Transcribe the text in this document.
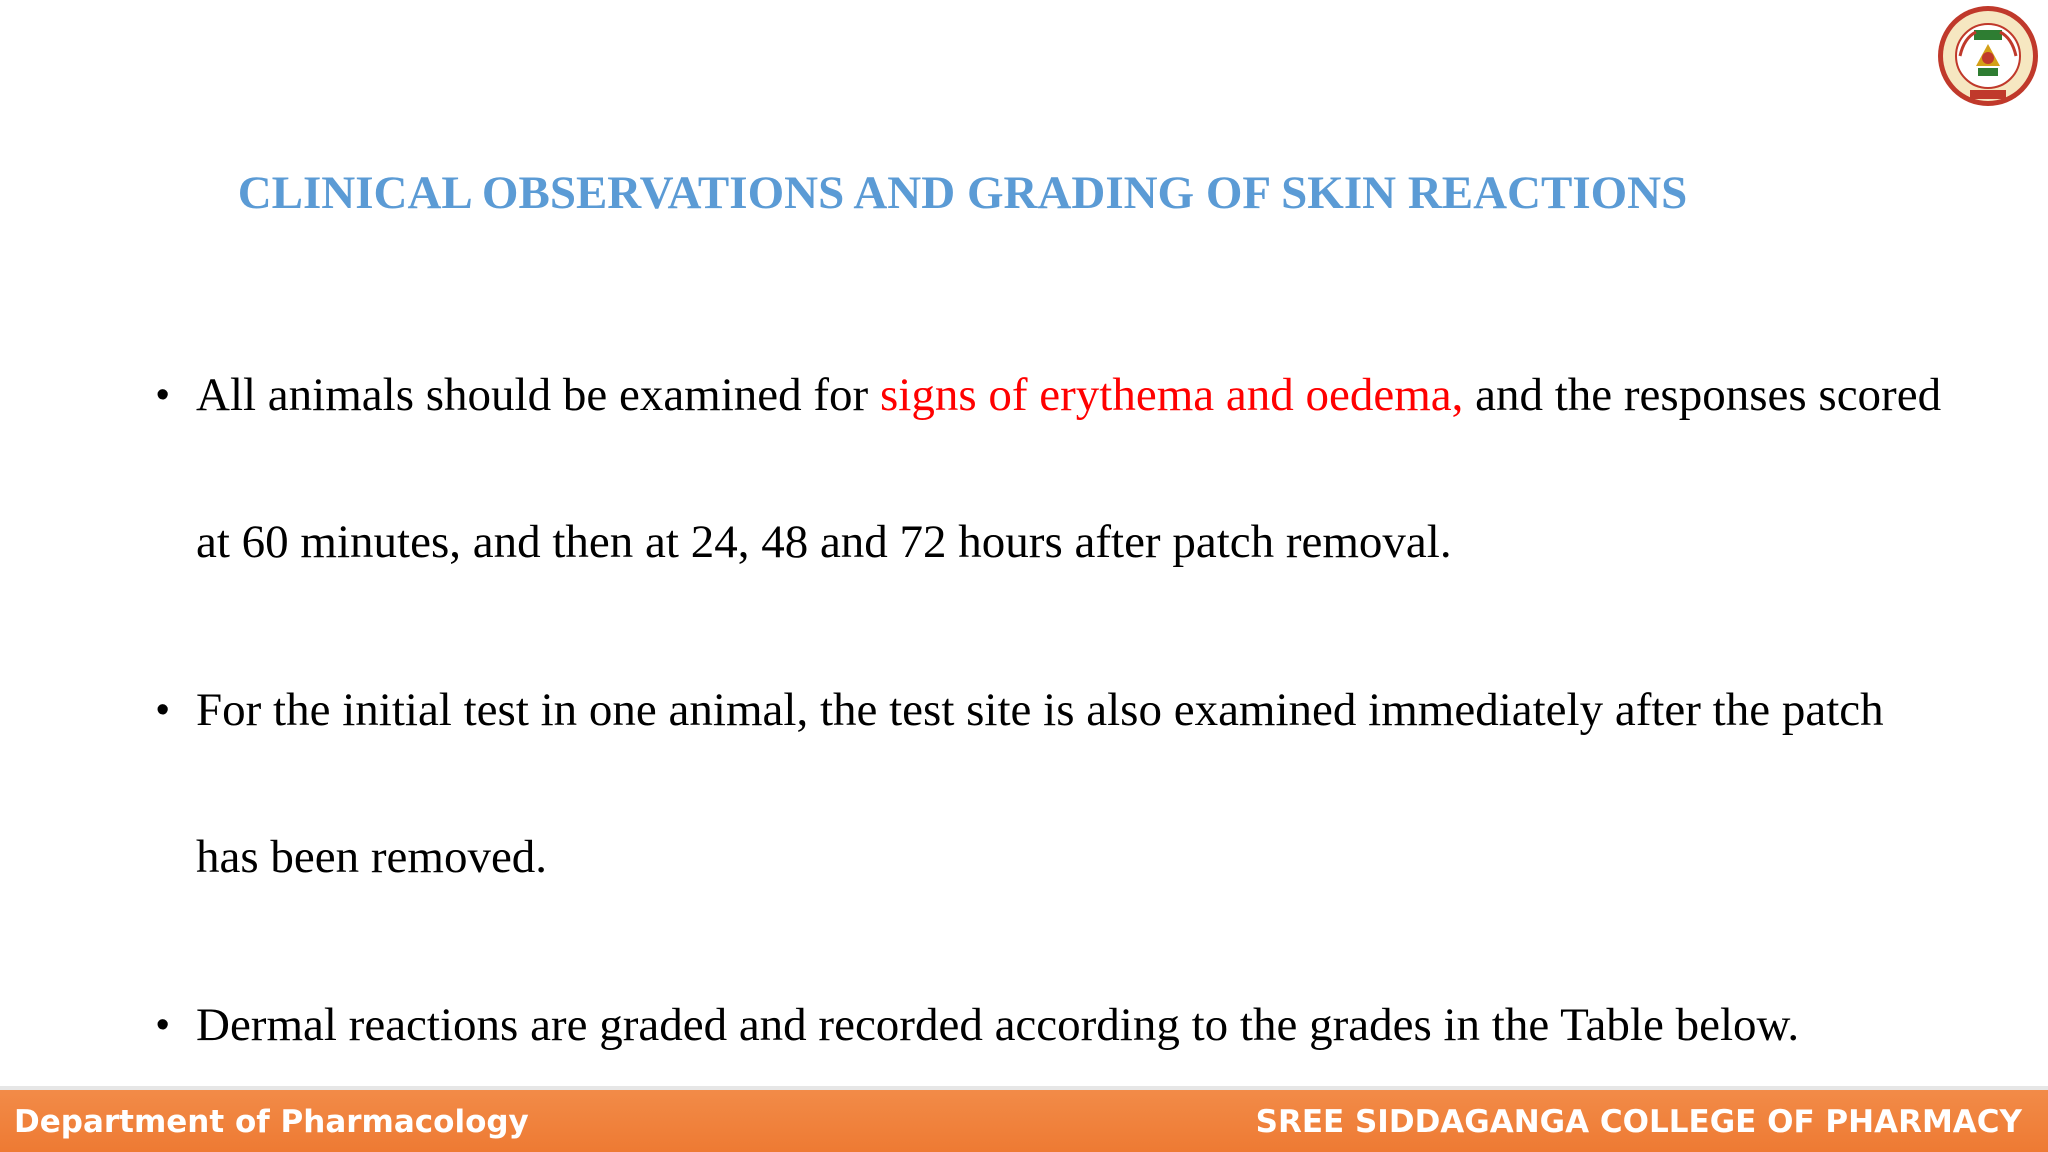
CLINICAL OBSERVATIONS AND GRADING OF SKIN REACTIONS
• All animals should be examined for signs of erythema and oedema, and the responses scored at 60 minutes, and then at 24, 48 and 72 hours after patch removal.
• For the initial test in one animal, the test site is also examined immediately after the patch has been removed.
• Dermal reactions are graded and recorded according to the grades in the Table below.
Department of Pharmacology	SREE SIDDAGANGA COLLEGE OF PHARMACY
